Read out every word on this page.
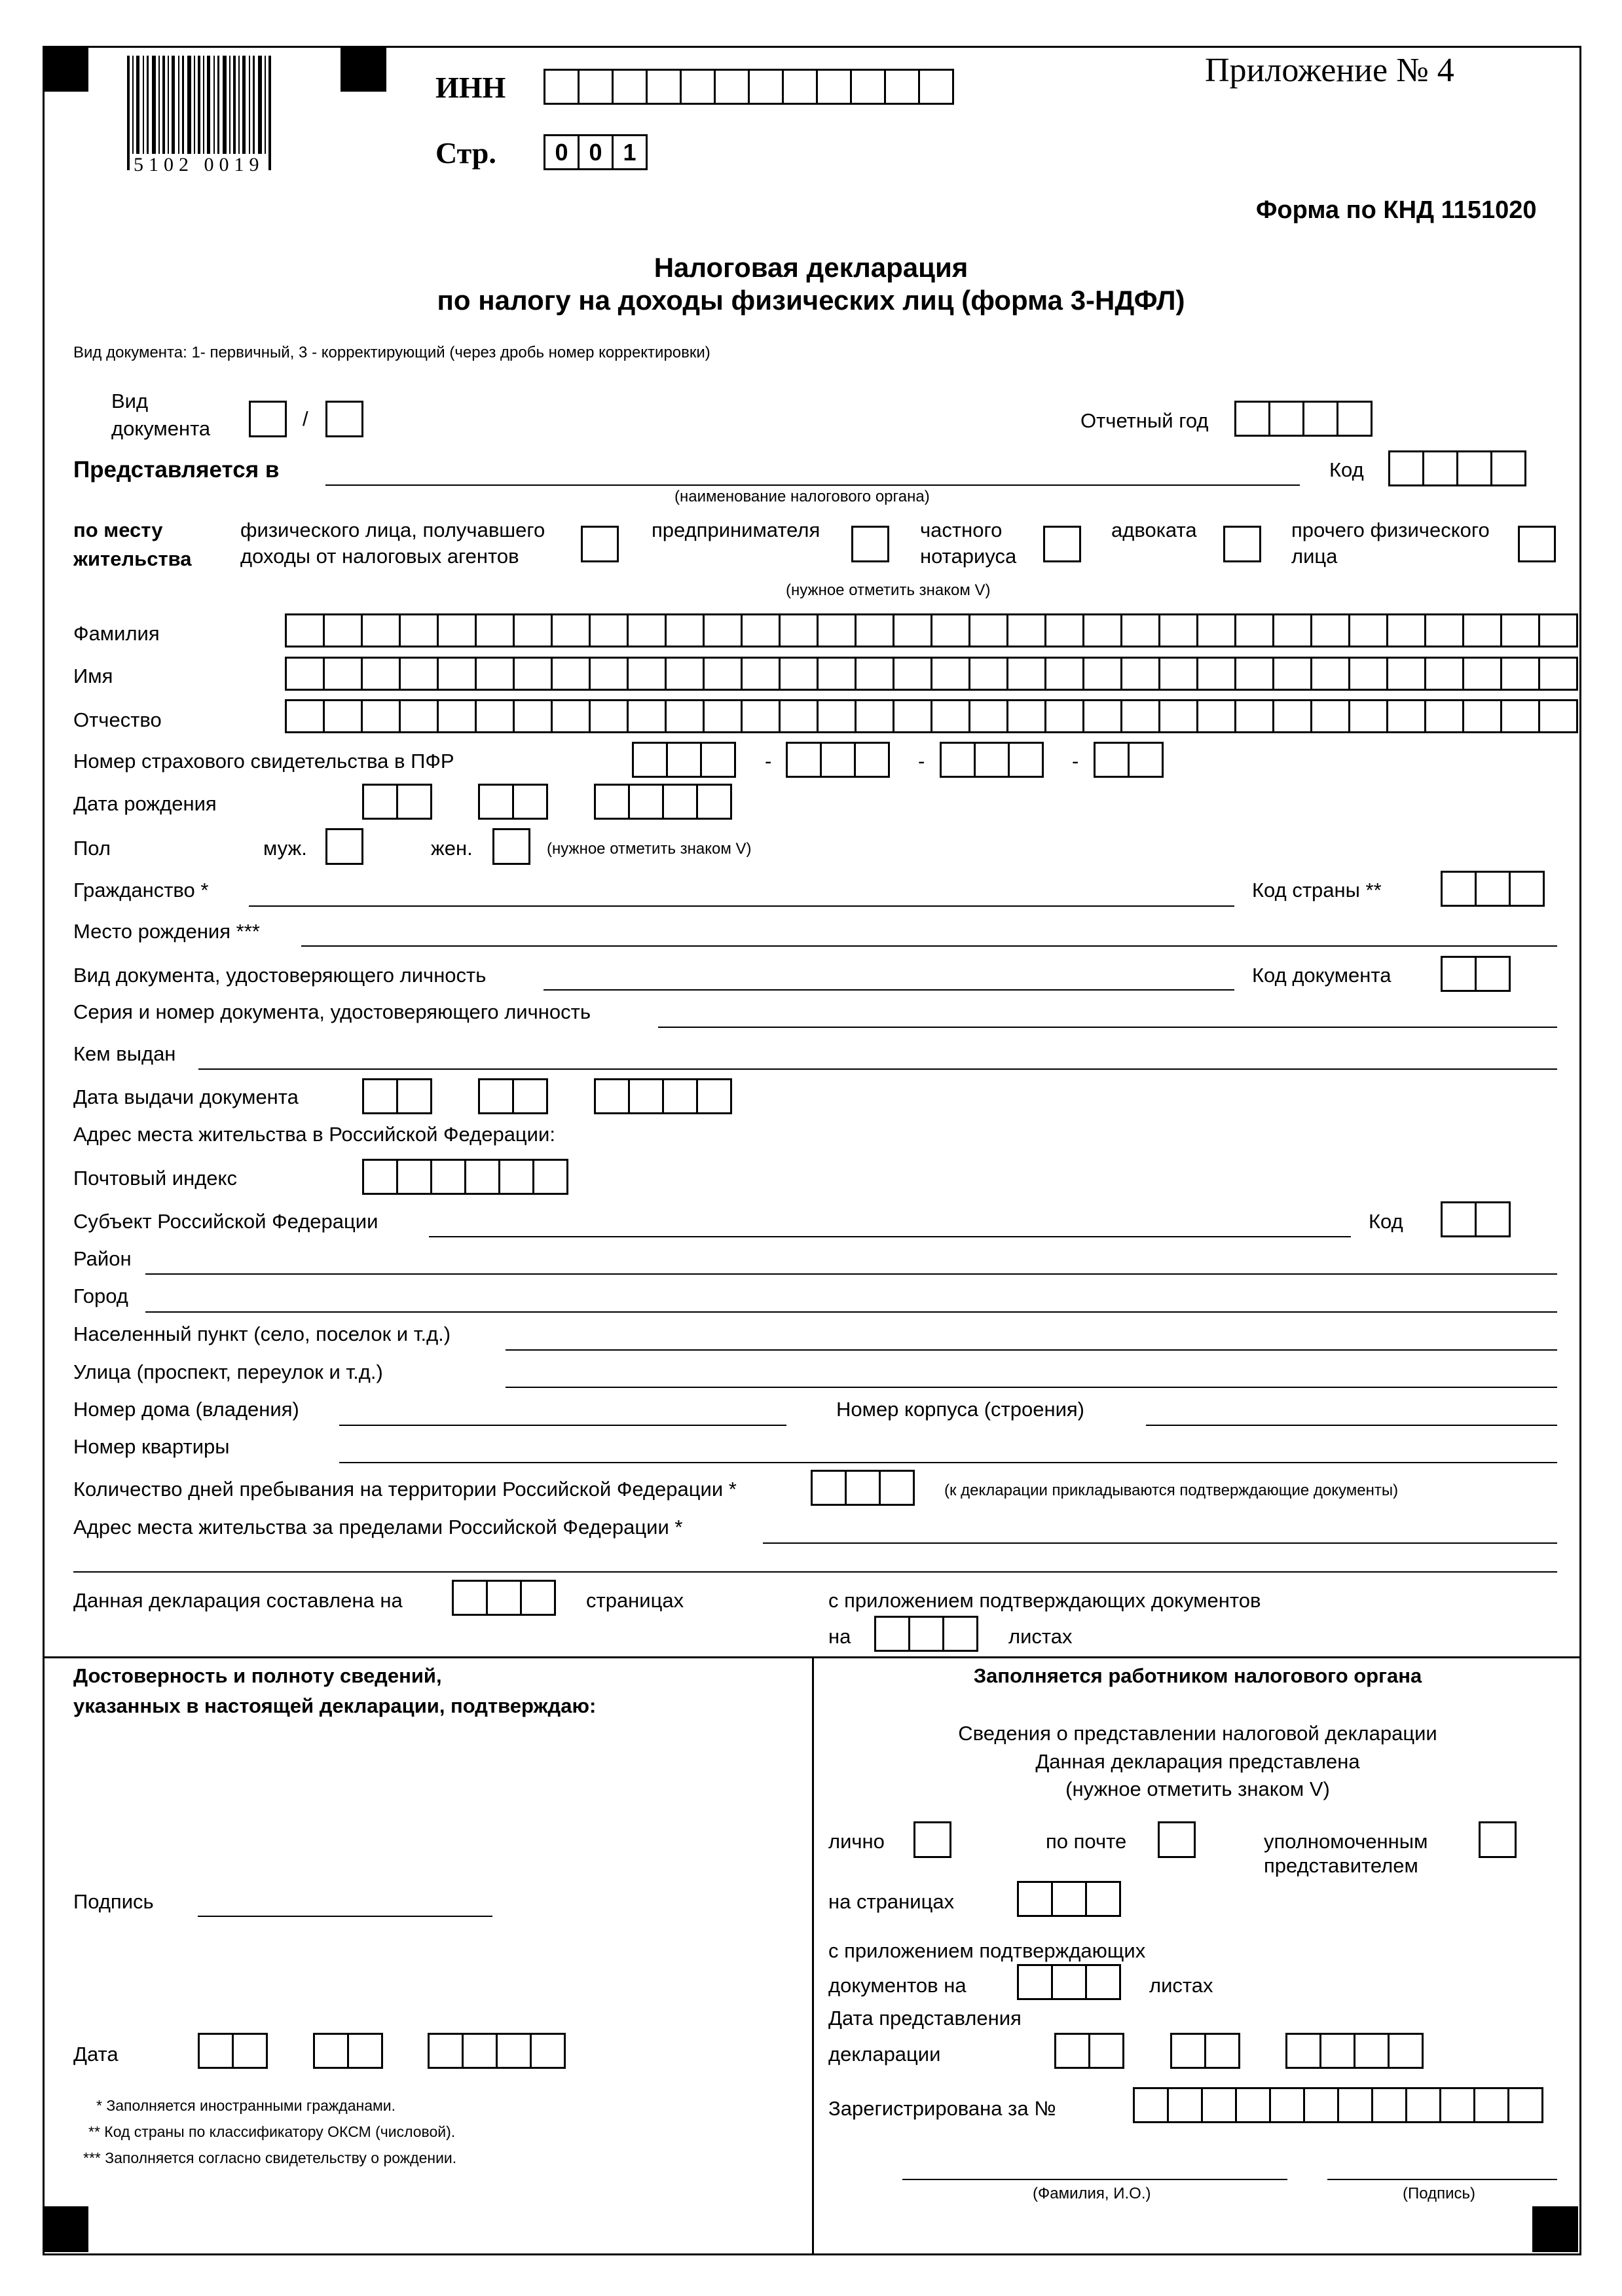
5102 0019
ИНН	Приложение № 4
Стр.	0 0 1
Форма по КНД 1151020
Налоговая декларация
по налогу на доходы физических лиц (форма 3-НДФЛ)
Вид документа: 1- первичный, 3 - корректирующий (через дробь номер корректировки)
Вид
документа	/	Отчетный год
Представляется в
(наименование налогового органа)
Код
по месту
жительства
физического лица, получавшего
доходы от налоговых агентов
предпринимателя	частного
нотариуса
адвоката	прочего физического
лица
(нужное отметить знаком V)
Фамилия
Имя
Отчество
Номер страхового свидетельства в ПФР	-	-	-
Дата рождения
Пол	муж.	жен.	(нужное отметить знаком V)
Гражданство *	Код страны **
Место рождения ***
Вид документа, удостоверяющего личность	Код документа
Серия и номер документа, удостоверяющего личность
Кем выдан
Дата выдачи документа
Адрес места жительства в Российской Федерации:
Почтовый индекс
Субъект Российской Федерации	Код
Район
Город
Населенный пункт (село, поселок и т.д.)
Улица (проспект, переулок и т.д.)
Номер дома (владения)	Номер корпуса (строения)
Номер квартиры
Количество дней пребывания на территории Российской Федерации *	(к декларации прикладываются подтверждающие документы)
Адрес места жительства за пределами Российской Федерации *
Данная декларация составлена на	страницах	с приложением подтверждающих документов
на	листах
Достоверность и полноту сведений,
указанных в настоящей декларации, подтверждаю:
Подпись
Дата
* Заполняется иностранными гражданами.
** Код страны по классификатору ОКСМ (числовой).
*** Заполняется согласно свидетельству о рождении.
Заполняется работником налогового органа
Сведения о представлении налоговой декларации
Данная декларация представлена
(нужное отметить знаком V)
лично	по почте	уполномоченным
представителем
на страницах
с приложением подтверждающих
документов на	листах
Дата представления
декларации
Зарегистрирована за №
(Фамилия, И.О.)	(Подпись)
